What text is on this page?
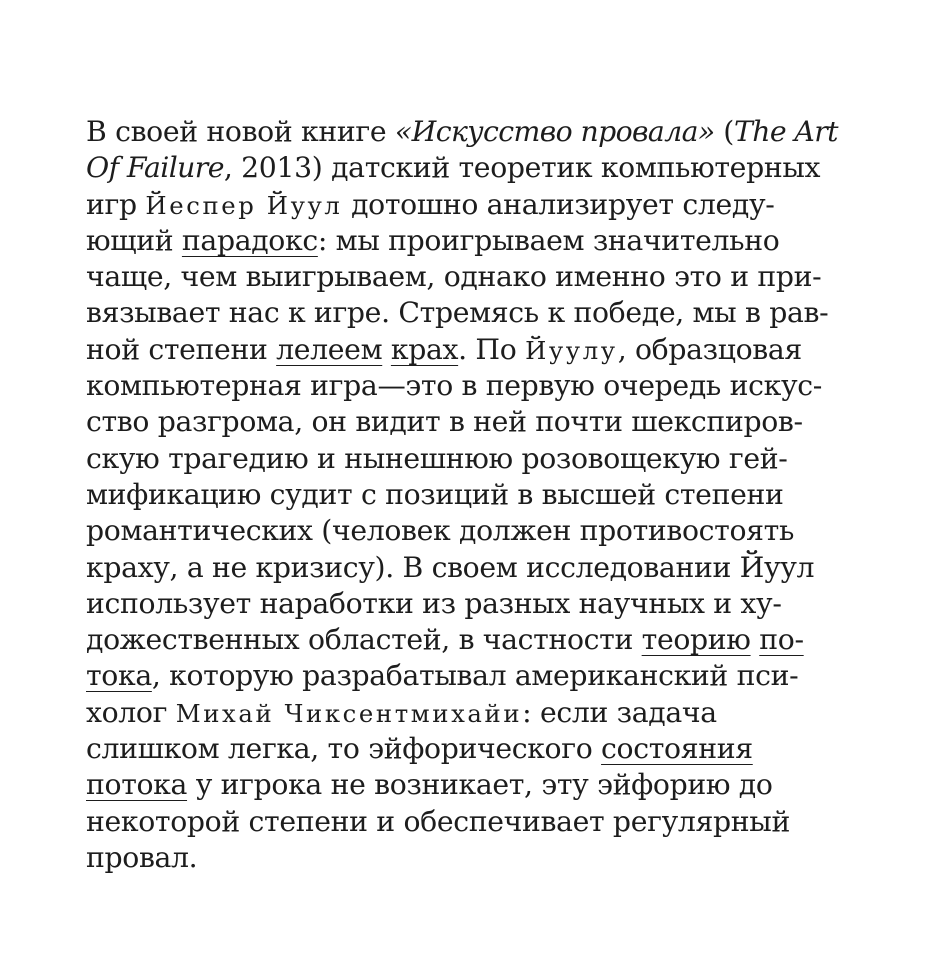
В своей новой книге «Искусство провала» (The Art
Of Failure, 2013) датский теоретик компьютерных
игр Йеспер Йуул дотошно анализирует следу-
ющий парадокс: мы проигрываем значительно
чаще, чем выигрываем, однако именно это и при-
вязывает нас к игре. Стремясь к победе, мы в рав-
ной степени лелеем крах. По Йуулу, образцовая
компьютерная игра—это в первую очередь искус-
ство разгрома, он видит в ней почти шекспиров-
скую трагедию и нынешнюю розовощекую гей-
мификацию судит с позиций в высшей степени
романтических (человек должен противостоять
краху, а не кризису). В своем исследовании Йуул
использует наработки из разных научных и ху-
дожественных областей, в частности теорию по-
тока, которую разрабатывал американский пси-
холог Михай Чиксентмихайи: если задача
слишком легка, то эйфорического состояния
потока у игрока не возникает, эту эйфорию до
некоторой степени и обеспечивает регулярный
провал.
